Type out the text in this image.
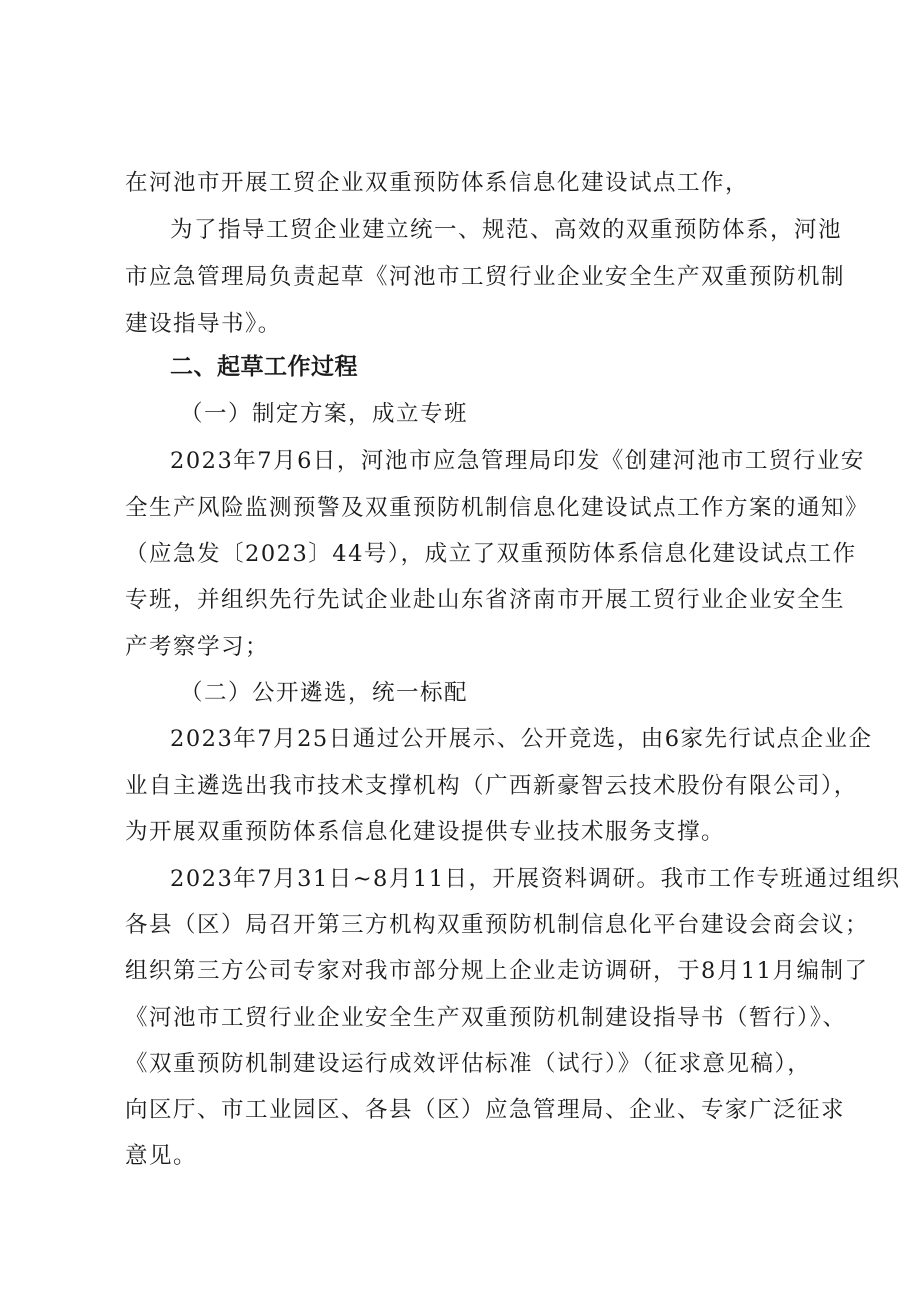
在河池市开展工贸企业双重预防体系信息化建设试点工作，
为了指导工贸企业建立统一、规范、高效的双重预防体系，河池
市应急管理局负责起草《河池市工贸行业企业安全生产双重预防机制
建设指导书》。
二、起草工作过程
（一）制定方案，成立专班
2023年7月6日，河池市应急管理局印发《创建河池市工贸行业安
全生产风险监测预警及双重预防机制信息化建设试点工作方案的通知》
（应急发〔2023〕44号），成立了双重预防体系信息化建设试点工作
专班，并组织先行先试企业赴山东省济南市开展工贸行业企业安全生
产考察学习；
（二）公开遴选，统一标配
2023年7月25日通过公开展示、公开竞选，由6家先行试点企业企
业自主遴选出我市技术支撑机构（广西新豪智云技术股份有限公司），
为开展双重预防体系信息化建设提供专业技术服务支撑。
2023年7月31日~8月11日，开展资料调研。我市工作专班通过组织
各县（区）局召开第三方机构双重预防机制信息化平台建设会商会议；
组织第三方公司专家对我市部分规上企业走访调研，于8月11月编制了
《河池市工贸行业企业安全生产双重预防机制建设指导书（暂行）》、
《双重预防机制建设运行成效评估标准（试行）》（征求意见稿），
向区厅、市工业园区、各县（区）应急管理局、企业、专家广泛征求
意见。
